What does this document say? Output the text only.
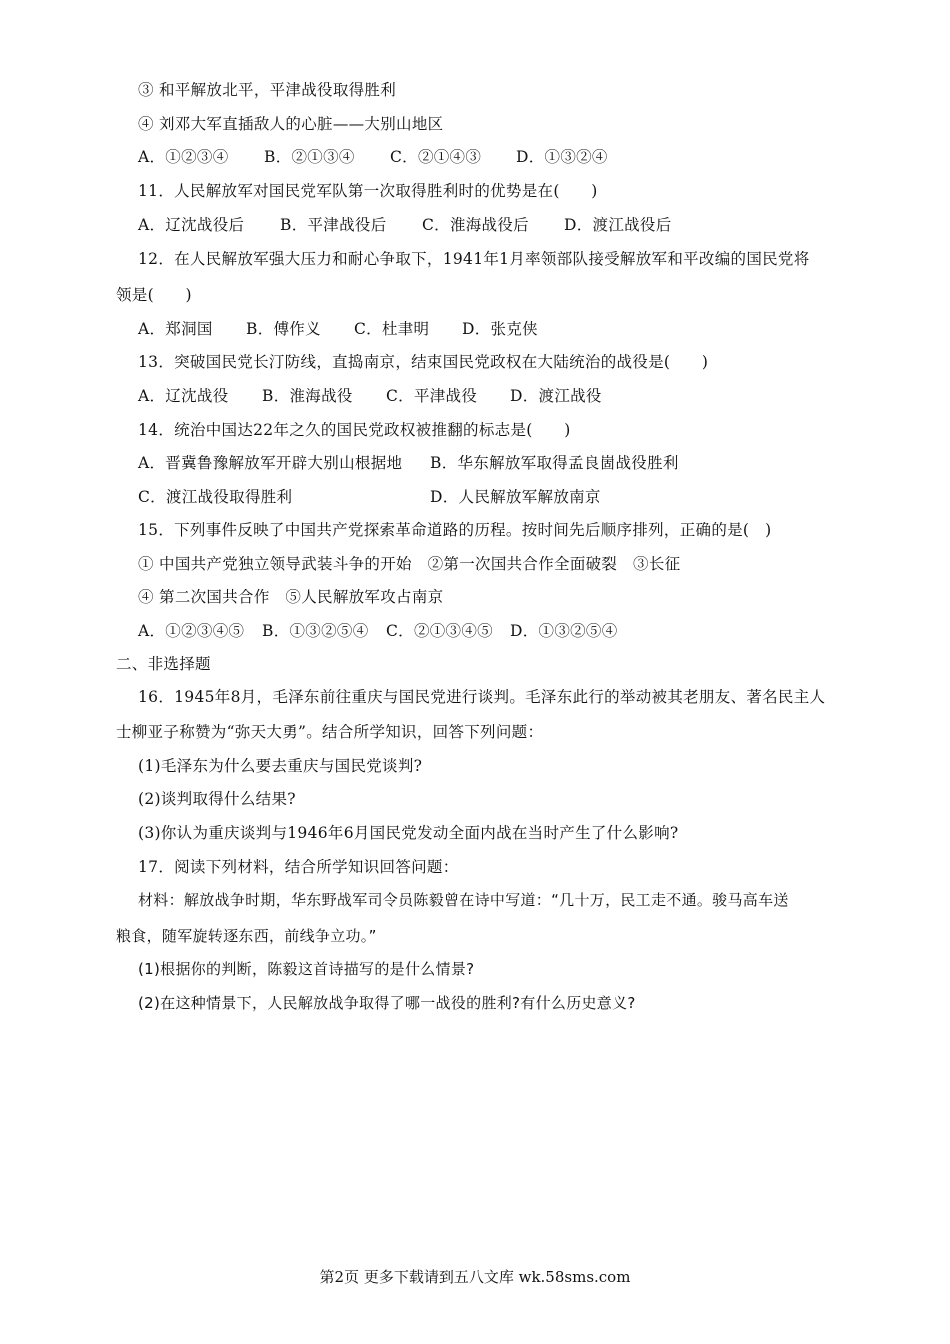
③ 和平解放北平，平津战役取得胜利
④ 刘邓大军直插敌人的心脏——大别山地区
A．①②③④ B．②①③④ C．②①④③ D．①③②④
11．人民解放军对国民党军队第一次取得胜利时的优势是在(　　)
A．辽沈战役后 B．平津战役后 C．淮海战役后 D．渡江战役后
12．在人民解放军强大压力和耐心争取下，1941年1月率领部队接受解放军和平改编的国民党将
领是(　　)
A．郑洞国 B．傅作义 C．杜聿明 D．张克侠
13．突破国民党长汀防线，直捣南京，结束国民党政权在大陆统治的战役是(　　)
A．辽沈战役 B．淮海战役 C．平津战役 D．渡江战役
14．统治中国达22年之久的国民党政权被推翻的标志是(　　)
A．晋冀鲁豫解放军开辟大别山根据地 B．华东解放军取得孟良崮战役胜利
C．渡江战役取得胜利	D．人民解放军解放南京
15．下列事件反映了中国共产党探索革命道路的历程。按时间先后顺序排列，正确的是(　)
① 中国共产党独立领导武装斗争的开始　②第一次国共合作全面破裂　③长征
④ 第二次国共合作　⑤人民解放军攻占南京
A．①②③④⑤ B．①③②⑤④ C．②①③④⑤ D．①③②⑤④
二、非选择题
16．1945年8月，毛泽东前往重庆与国民党进行谈判。毛泽东此行的举动被其老朋友、著名民主人
士柳亚子称赞为“弥天大勇”。结合所学知识，回答下列问题：
(1)毛泽东为什么要去重庆与国民党谈判?
(2)谈判取得什么结果?
(3)你认为重庆谈判与1946年6月国民党发动全面内战在当时产生了什么影响?
17．阅读下列材料，结合所学知识回答问题：
材料：解放战争时期，华东野战军司令员陈毅曾在诗中写道：“几十万，民工走不通。骏马高车送
粮食，随军旋转逐东西，前线争立功。”
(1)根据你的判断，陈毅这首诗描写的是什么情景?
(2)在这种情景下，人民解放战争取得了哪一战役的胜利?有什么历史意义?
第2页 更多下载请到五八文库 wk.58sms.com
